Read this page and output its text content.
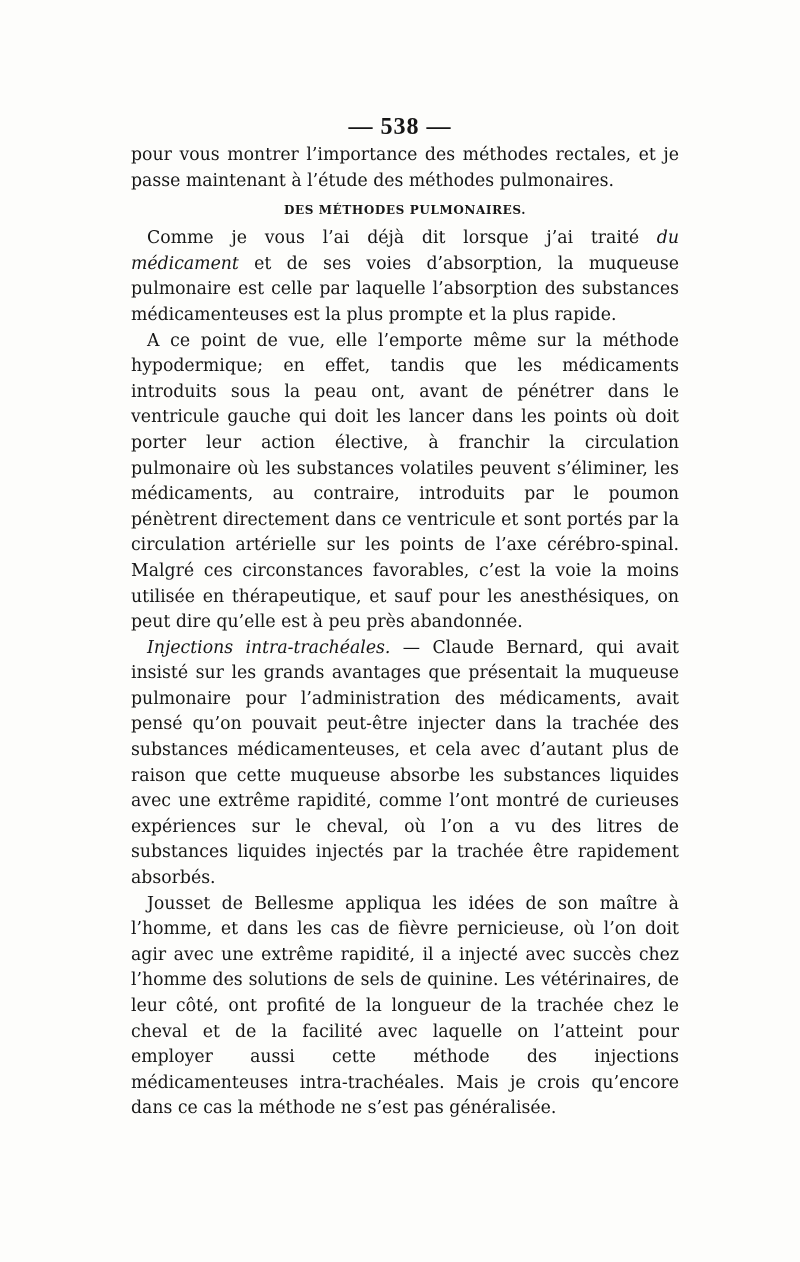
— 538 —

pour vous montrer l’importance des méthodes rectales, et je passe maintenant à l’étude des méthodes pulmonaires.

DES MÉTHODES PULMONAIRES.

Comme je vous l’ai déjà dit lorsque j’ai traité du médicament et de ses voies d’absorption, la muqueuse pulmonaire est celle par laquelle l’absorption des substances médicamenteuses est la plus prompte et la plus rapide.

A ce point de vue, elle l’emporte même sur la méthode hypodermique; en effet, tandis que les médicaments introduits sous la peau ont, avant de pénétrer dans le ventricule gauche qui doit les lancer dans les points où doit porter leur action élective, à franchir la circulation pulmonaire où les substances volatiles peuvent s’éliminer, les médicaments, au contraire, introduits par le poumon pénètrent directement dans ce ventricule et sont portés par la circulation artérielle sur les points de l’axe cérébro-spinal. Malgré ces circonstances favorables, c’est la voie la moins utilisée en thérapeutique, et sauf pour les anesthésiques, on peut dire qu’elle est à peu près abandonnée.

Injections intra-trachéales. — Claude Bernard, qui avait insisté sur les grands avantages que présentait la muqueuse pulmonaire pour l’administration des médicaments, avait pensé qu’on pouvait peut-être injecter dans la trachée des substances médicamenteuses, et cela avec d’autant plus de raison que cette muqueuse absorbe les substances liquides avec une extrême rapidité, comme l’ont montré de curieuses expériences sur le cheval, où l’on a vu des litres de substances liquides injectés par la trachée être rapidement absorbés.

Jousset de Bellesme appliqua les idées de son maître à l’homme, et dans les cas de fièvre pernicieuse, où l’on doit agir avec une extrême rapidité, il a injecté avec succès chez l’homme des solutions de sels de quinine. Les vétérinaires, de leur côté, ont profité de la longueur de la trachée chez le cheval et de la facilité avec laquelle on l’atteint pour employer aussi cette méthode des injections médicamenteuses intra-trachéales. Mais je crois qu’encore dans ce cas la méthode ne s’est pas généralisée.
